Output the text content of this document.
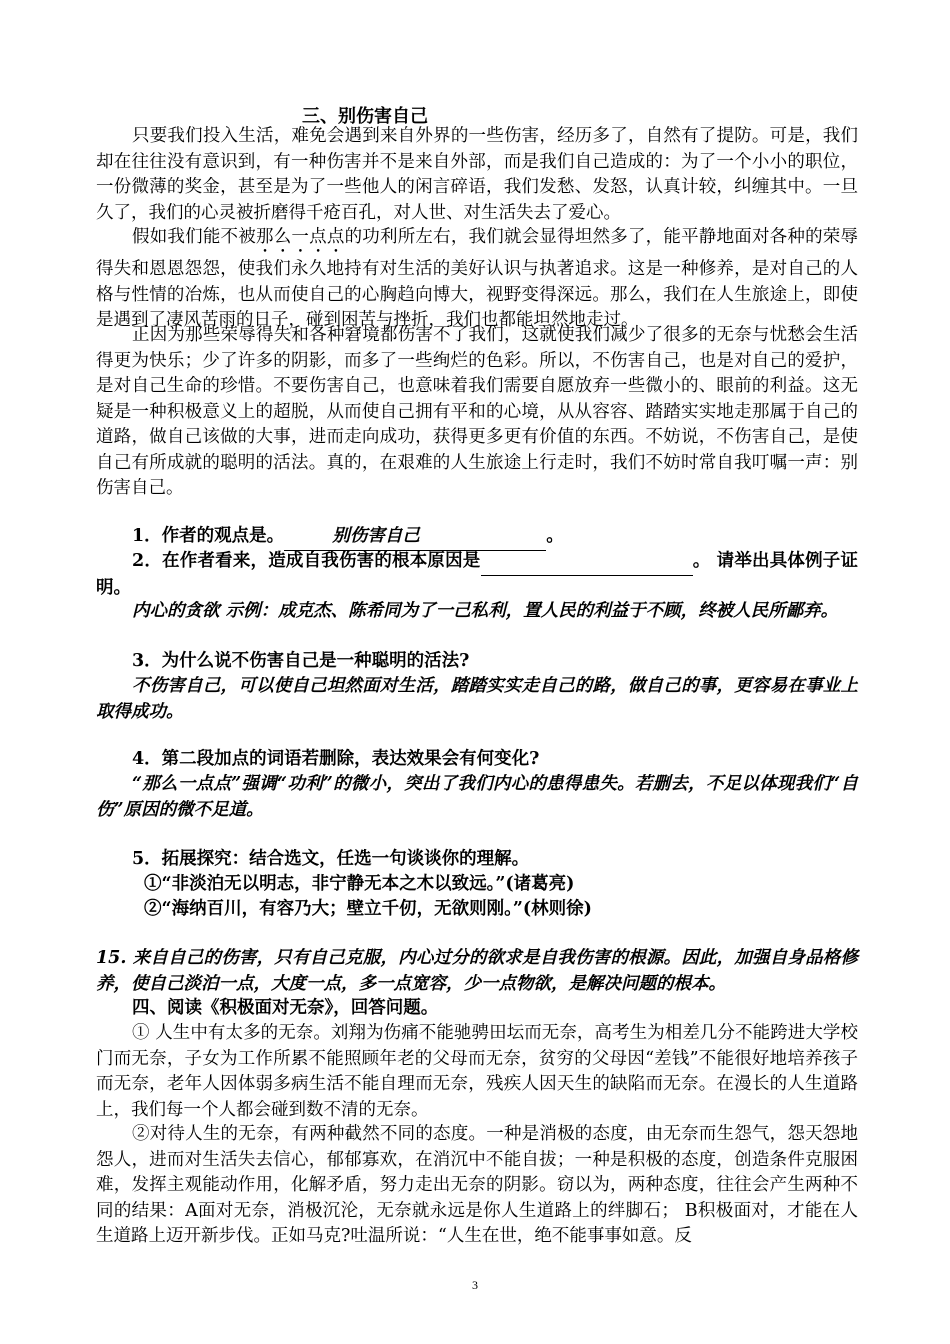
三、别伤害自己

只要我们投入生活，难免会遇到来自外界的一些伤害，经历多了，自然有了提防。可是，我们却在往往没有意识到，有一种伤害并不是来自外部，而是我们自己造成的：为了一个小小的职位，一份微薄的奖金，甚至是为了一些他人的闲言碎语，我们发愁、发怒，认真计较，纠缠其中。一旦久了，我们的心灵被折磨得千疮百孔，对人世、对生活失去了爱心。

假如我们能不被那么一点点的功利所左右，我们就会显得坦然多了，能平静地面对各种的荣辱得失和恩恩怨怨，使我们永久地持有对生活的美好认识与执著追求。这是一种修养，是对自己的人格与性情的冶炼，也从而使自己的心胸趋向博大，视野变得深远。那么，我们在人生旅途上，即使是遇到了凄风苦雨的日子，碰到困苦与挫折，我们也都能坦然地走过。

正因为那些荣辱得失和各种窘境都伤害不了我们，这就使我们减少了很多的无奈与忧愁会生活得更为快乐；少了许多的阴影，而多了一些绚烂的色彩。所以，不伤害自己，也是对自己的爱护，是对自己生命的珍惜。不要伤害自己，也意味着我们需要自愿放弃一些微小的、眼前的利益。这无疑是一种积极意义上的超脱，从而使自己拥有平和的心境，从从容容、踏踏实实地走那属于自己的道路，做自己该做的大事，进而走向成功，获得更多更有价值的东西。不妨说，不伤害自己，是使自己有所成就的聪明的活法。真的，在艰难的人生旅途上行走时，我们不妨时常自我叮嘱一声：别伤害自己。

1．作者的观点是。	别伤害自己	。

2．在作者看来，造成自我伤害的根本原因是	。 请举出具体例子证明。

内心的贪欲 示例：成克杰、陈希同为了一己私利，置人民的利益于不顾，终被人民所鄙弃。

3．为什么说不伤害自己是一种聪明的活法?

不伤害自己，可以使自己坦然面对生活，踏踏实实走自己的路，做自己的事，更容易在事业上取得成功。

4．第二段加点的词语若删除，表达效果会有何变化?

“那么一点点”强调“功利”的微小，突出了我们内心的患得患失。若删去，不足以体现我们“自伤”原因的微不足道。

5．拓展探究：结合选文，任选一句谈谈你的理解。

①“非淡泊无以明志，非宁静无本之木以致远。”(诸葛亮)

②“海纳百川，有容乃大；壁立千仞，无欲则刚。”(林则徐)

15. 来自自己的伤害，只有自己克服，内心过分的欲求是自我伤害的根源。因此，加强自身品格修养，使自己淡泊一点，大度一点，多一点宽容，少一点物欲，是解决问题的根本。

四、阅读《积极面对无奈》，回答问题。

① 人生中有太多的无奈。刘翔为伤痛不能驰骋田坛而无奈，高考生为相差几分不能跨进大学校门而无奈，子女为工作所累不能照顾年老的父母而无奈，贫穷的父母因“差钱”不能很好地培养孩子而无奈，老年人因体弱多病生活不能自理而无奈，残疾人因天生的缺陷而无奈。在漫长的人生道路上，我们每一个人都会碰到数不清的无奈。

②对待人生的无奈，有两种截然不同的态度。一种是消极的态度，由无奈而生怨气，怨天怨地怨人，进而对生活失去信心，郁郁寡欢，在消沉中不能自拔；一种是积极的态度，创造条件克服困难，发挥主观能动作用，化解矛盾，努力走出无奈的阴影。窃以为，两种态度，往往会产生两种不同的结果：A面对无奈，消极沉沦，无奈就永远是你人生道路上的绊脚石； B积极面对，才能在人生道路上迈开新步伐。正如马克?吐温所说：“人生在世，绝不能事事如意。反

3
